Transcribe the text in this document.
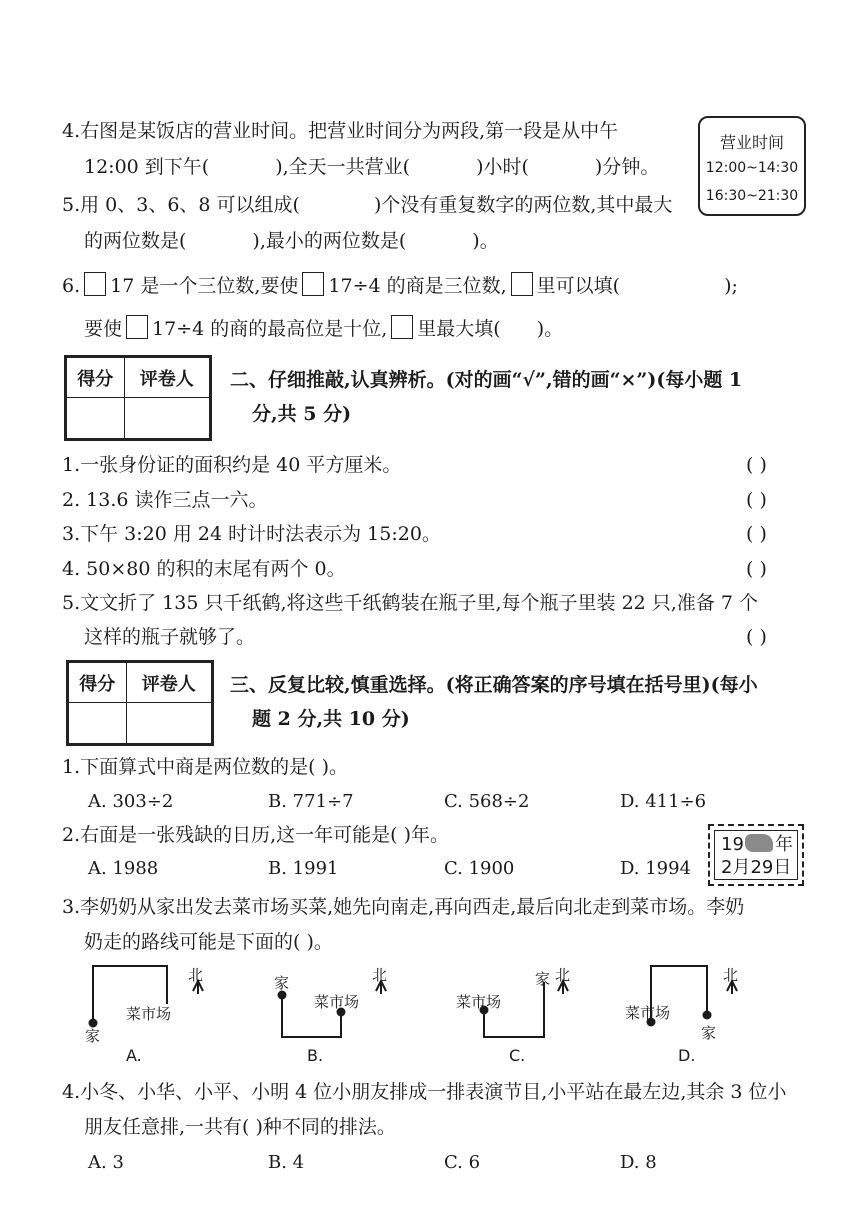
4.右图是某饭店的营业时间。把营业时间分为两段,第一段是从中午
12:00 到下午(	),全天一共营业(	)小时(	)分钟。
营业时间
12:00~14:30
16:30~21:30
5.用 0、3、6、8 可以组成(	)个没有重复数字的两位数,其中最大
的两位数是(	),最小的两位数是(	)。
6. 17 是一个三位数,要使 17÷4 的商是三位数, 里可以填(	);
要使 17÷4 的商的最高位是十位, 里最大填( )。
得分	评卷人
	二、仔细推敲,认真辨析。(对的画“√”,错的画“×”)(每小题 1
分,共 5 分)
1.一张身份证的面积约是 40 平方厘米。	( )
2. 13.6 读作三点一六。	( )
3.下午 3:20 用 24 时计时法表示为 15:20。	( )
4. 50×80 的积的末尾有两个 0。	( )
5.文文折了 135 只千纸鹤,将这些千纸鹤装在瓶子里,每个瓶子里装 22 只,准备 7 个
这样的瓶子就够了。	( )
得分	评卷人
	三、反复比较,慎重选择。(将正确答案的序号填在括号里)(每小
题 2 分,共 10 分)
1.下面算式中商是两位数的是( )。
A. 303÷2	B. 771÷7	C. 568÷2	D. 411÷6
2.右面是一张残缺的日历,这一年可能是( )年。
A. 1988	B. 1991	C. 1900	D. 1994
19 年
2月29日
3.李奶奶从家出发去菜市场买菜,她先向南走,再向西走,最后向北走到菜市场。李奶
奶走的路线可能是下面的( )。
北	北	北	北
家
菜市场
家
菜市场	菜市场
家
菜市场
家
A.	B.	C.	D.
4.小冬、小华、小平、小明 4 位小朋友排成一排表演节目,小平站在最左边,其余 3 位小
朋友任意排,一共有( )种不同的排法。
A. 3	B. 4	C. 6	D. 8
